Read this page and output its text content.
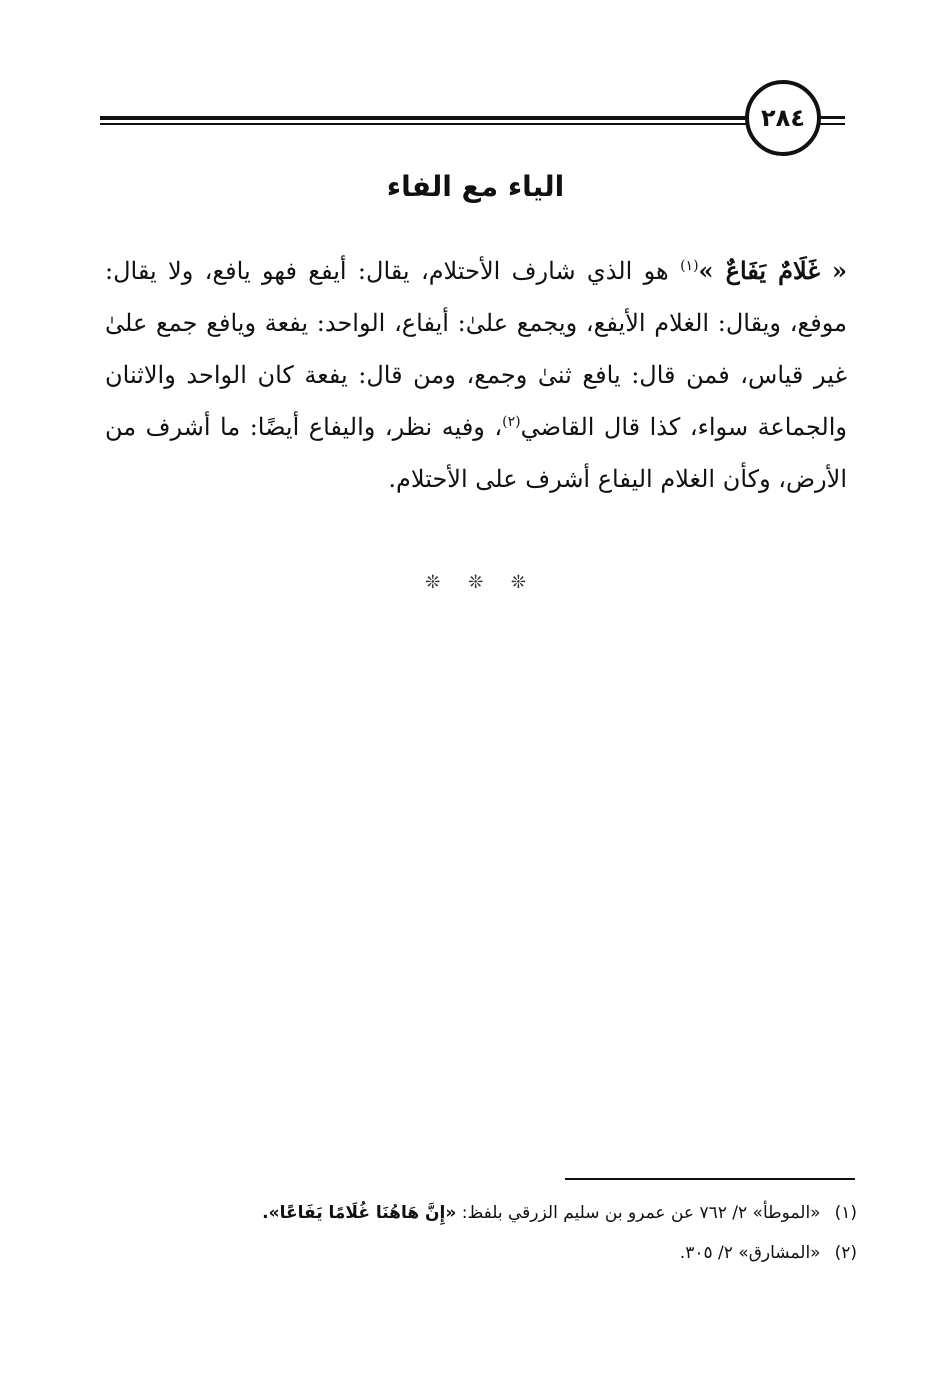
٢٨٤
الياء مع الفاء
« غَلَامٌ يَفَاعٌ »$^{(١)}$ هو الذي شارف الأحتلام، يقال: أيفع فهو يافع، ولا يقال: موفع، ويقال: الغلام الأيفع، ويجمع علىٰ: أيفاع، الواحد: يفعة ويافع جمع علىٰ غير قياس، فمن قال: يافع ثنىٰ وجمع، ومن قال: يفعة كان الواحد والاثنان والجماعة سواء، كذا قال القاضي$^{(٢)}$، وفيه نظر، واليفاع أيضًا: ما أشرف من الأرض، وكأن الغلام اليفاع أشرف على الأحتلام.
❊ ❊ ❊
(١)
«الموطأ» ٢/ ٧٦٢ عن عمرو بن سليم الزرقي بلفظ: «إِنَّ هَاهُنَا غُلَامًا يَفَاعًا».
(٢)
«المشارق» ٢/ ٣٠٥.
